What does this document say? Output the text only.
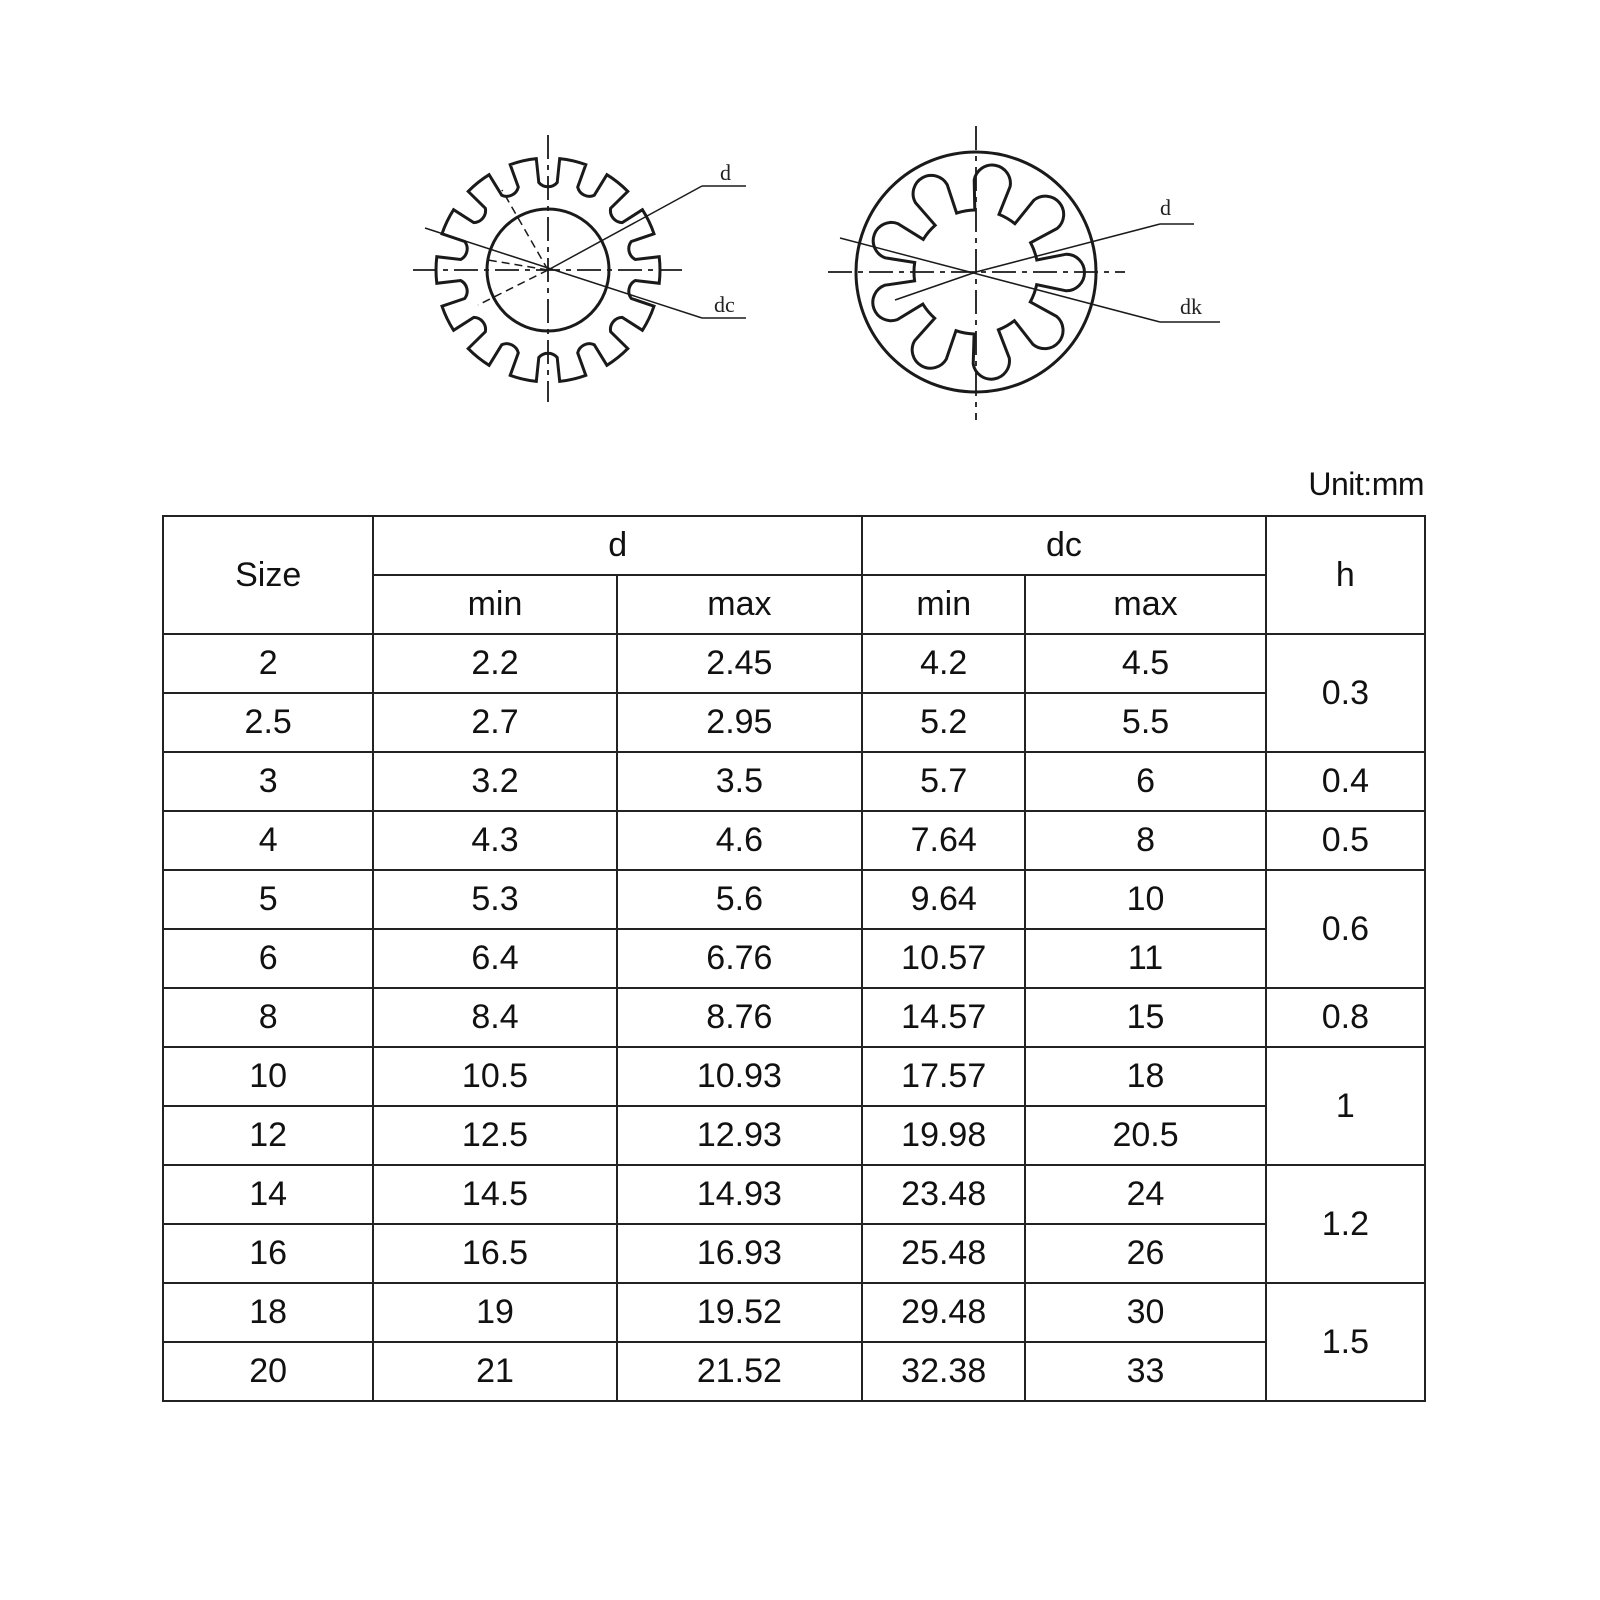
d
dc
d
dk
Unit:mm
Size	d		dc		h
	min	max	min	max	
2	2.2	2.45	4.2	4.5	0.3
2.5	2.7	2.95	5.2	5.5	
3	3.2	3.5	5.7	6	0.4
4	4.3	4.6	7.64	8	0.5
5	5.3	5.6	9.64	10	0.6
6	6.4	6.76	10.57	11	
8	8.4	8.76	14.57	15	0.8
10	10.5	10.93	17.57	18	1
12	12.5	12.93	19.98	20.5	
14	14.5	14.93	23.48	24	1.2
16	16.5	16.93	25.48	26	
18	19	19.52	29.48	30	1.5
20	21	21.52	32.38	33	
